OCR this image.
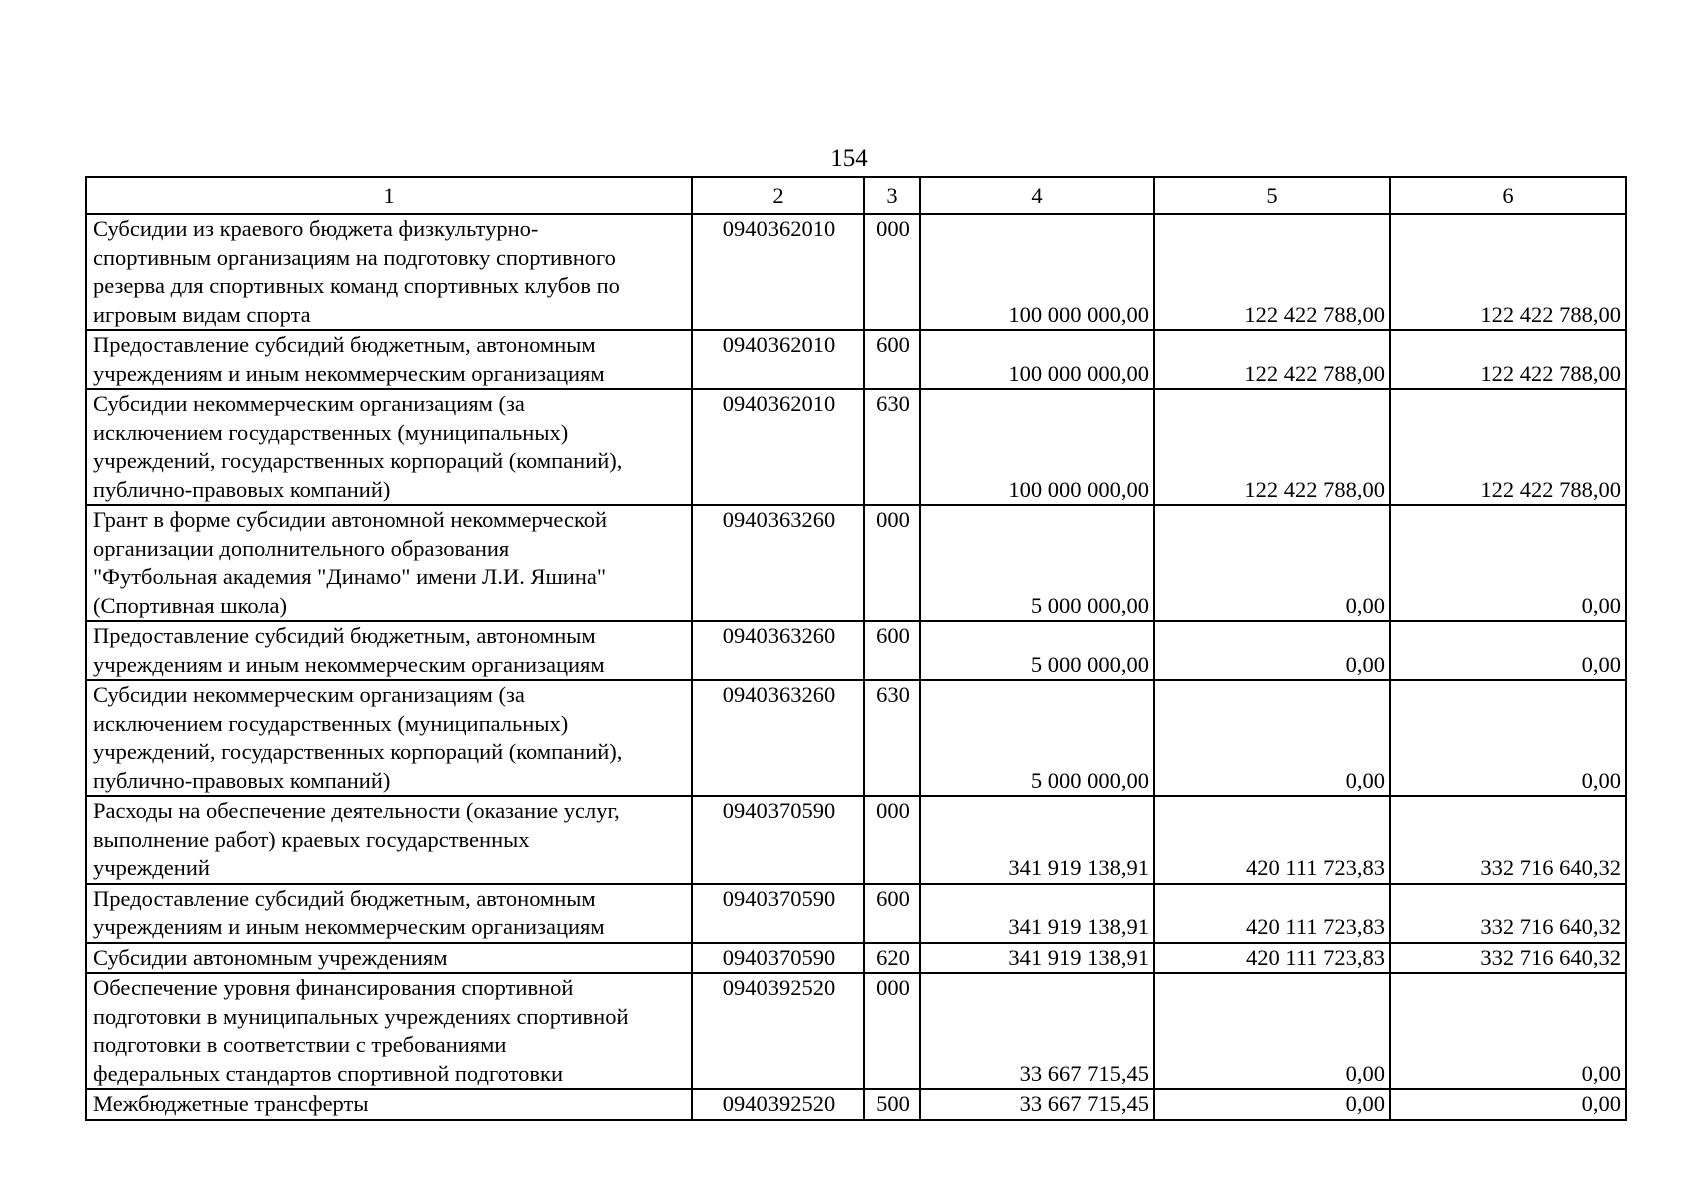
154
1	2	3	4	5	6
Субсидии из краевого бюджета физкультурно-
спортивным организациям на подготовку спортивного
резерва для спортивных команд спортивных клубов по
игровым видам спорта	0940362010	000	100 000 000,00	122 422 788,00	122 422 788,00
Предоставление субсидий бюджетным, автономным
учреждениям и иным некоммерческим организациям	0940362010	600	100 000 000,00	122 422 788,00	122 422 788,00
Субсидии некоммерческим организациям (за
исключением государственных (муниципальных)
учреждений, государственных корпораций (компаний),
публично-правовых компаний)	0940362010	630	100 000 000,00	122 422 788,00	122 422 788,00
Грант в форме субсидии автономной некоммерческой
организации дополнительного образования
"Футбольная академия "Динамо" имени Л.И. Яшина"
(Спортивная школа)	0940363260	000	5 000 000,00	0,00	0,00
Предоставление субсидий бюджетным, автономным
учреждениям и иным некоммерческим организациям	0940363260	600	5 000 000,00	0,00	0,00
Субсидии некоммерческим организациям (за
исключением государственных (муниципальных)
учреждений, государственных корпораций (компаний),
публично-правовых компаний)	0940363260	630	5 000 000,00	0,00	0,00
Расходы на обеспечение деятельности (оказание услуг,
выполнение работ) краевых государственных
учреждений	0940370590	000	341 919 138,91	420 111 723,83	332 716 640,32
Предоставление субсидий бюджетным, автономным
учреждениям и иным некоммерческим организациям	0940370590	600	341 919 138,91	420 111 723,83	332 716 640,32
Субсидии автономным учреждениям	0940370590	620	341 919 138,91	420 111 723,83	332 716 640,32
Обеспечение уровня финансирования спортивной
подготовки в муниципальных учреждениях спортивной
подготовки в соответствии с требованиями
федеральных стандартов спортивной подготовки	0940392520	000	33 667 715,45	0,00	0,00
Межбюджетные трансферты	0940392520	500	33 667 715,45	0,00	0,00
